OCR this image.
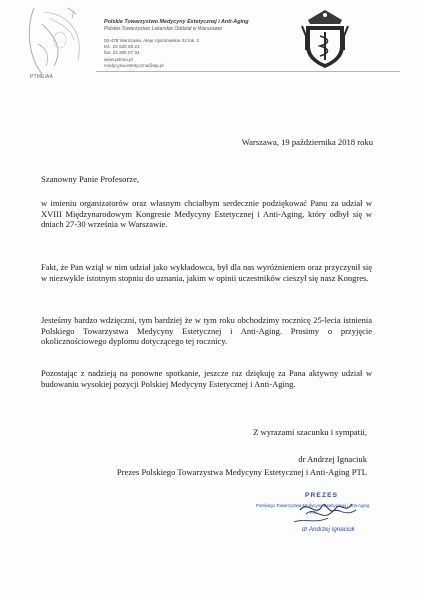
PTMEiAA
Polskie Towarzystwo Medycyny Estetycznej i Anti-Aging
Polskie Towarzystwo Lekarskie Oddział w Warszawie
00-478 Warszawa, Aleje Ujazdowskie 22 lok. 2
tel.: 22 628 58 21
fax: 22 205 07 34
www.ptmea.pl
medycyna.estetyczna@wp.pl
Warszawa, 19 października 2018 roku
Szanowny Panie Profesorze,
w imieniu organizatorów oraz własnym chciałbym serdecznie podziękować Panu za udział w XVIII Międzynarodowym Kongresie Medycyny Estetycznej i Anti-Aging, który odbył się w dniach 27-30 września w Warszawie.
Fakt, że Pan wziął w nim udział jako wykładowca, był dla nas wyróżnieniem oraz przyczynił się w niezwykle istotnym stopniu do uznania, jakim w opinii uczestników cieszył się nasz Kongres.
Jesteśmy bardzo wdzięczni, tym bardziej że w tym roku obchodzimy rocznicę 25-lecia istnienia Polskiego Towarzystwa Medycyny Estetycznej i Anti-Aging. Prosimy o przyjęcie okolicznościowego dyplomu dotyczącego tej rocznicy.
Pozostając z nadzieją na ponowne spotkanie, jeszcze raz dziękuję za Pana aktywny udział w budowaniu wysokiej pozycji Polskiej Medycyny Estetycznej i Anti-Aging.
Z wyrazami szacunku i sympatii,
dr Andrzej Ignaciuk
Prezes Polskiego Towarzystwa Medycyny Estetycznej i Anti-Aging PTL
PREZES
Polskiego Towarzystwa Medycyny Estetycznej i Anti-Aging
PTL
dr Andrzej Ignaciuk
